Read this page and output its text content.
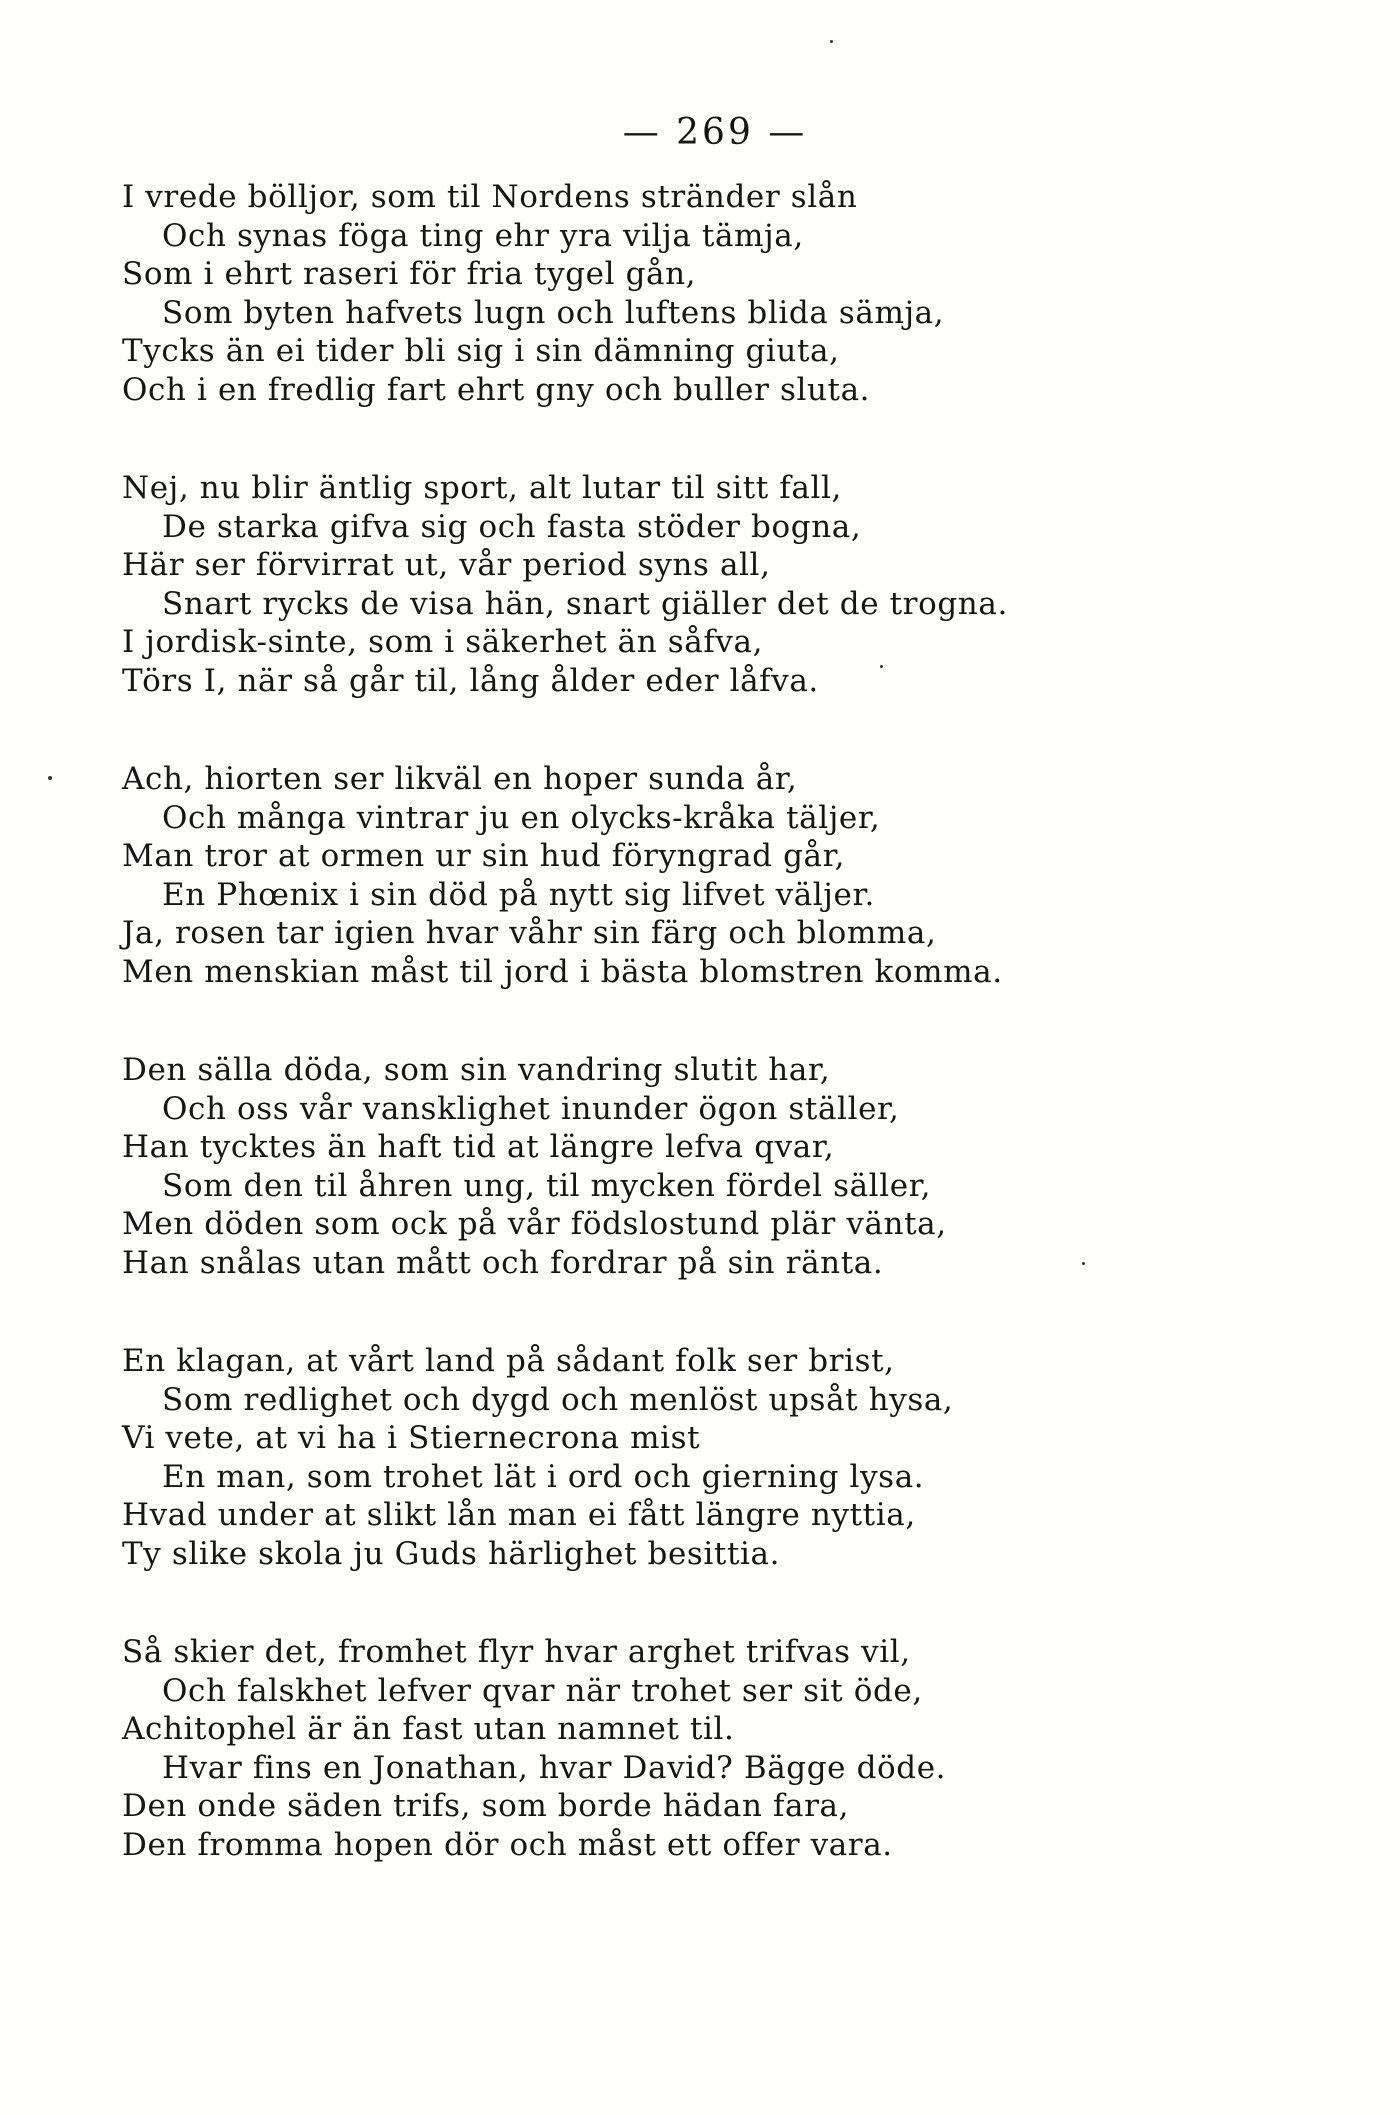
— 269 —
I vrede bölljor, som til Nordens stränder slån
Och synas föga ting ehr yra vilja tämja,
Som i ehrt raseri för fria tygel gån,
Som byten hafvets lugn och luftens blida sämja,
Tycks än ei tider bli sig i sin dämning giuta,
Och i en fredlig fart ehrt gny och buller sluta.
Nej, nu blir äntlig sport, alt lutar til sitt fall,
De starka gifva sig och fasta stöder bogna,
Här ser förvirrat ut, vår period syns all,
Snart rycks de visa hän, snart giäller det de trogna.
I jordisk-sinte, som i säkerhet än såfva,
Törs I, när så går til, lång ålder eder låfva.
Ach, hiorten ser likväl en hoper sunda år,
Och många vintrar ju en olycks-kråka täljer,
Man tror at ormen ur sin hud föryngrad går,
En Phœnix i sin död på nytt sig lifvet väljer.
Ja, rosen tar igien hvar våhr sin färg och blomma,
Men menskian måst til jord i bästa blomstren komma.
Den sälla döda, som sin vandring slutit har,
Och oss vår vansklighet inunder ögon ställer,
Han tycktes än haft tid at längre lefva qvar,
Som den til åhren ung, til mycken fördel säller,
Men döden som ock på vår födslostund plär vänta,
Han snålas utan mått och fordrar på sin ränta.
En klagan, at vårt land på sådant folk ser brist,
Som redlighet och dygd och menlöst upsåt hysa,
Vi vete, at vi ha i Stiernecrona mist
En man, som trohet lät i ord och gierning lysa.
Hvad under at slikt lån man ei fått längre nyttia,
Ty slike skola ju Guds härlighet besittia.
Så skier det, fromhet flyr hvar arghet trifvas vil,
Och falskhet lefver qvar när trohet ser sit öde,
Achitophel är än fast utan namnet til.
Hvar fins en Jonathan, hvar David? Bägge döde.
Den onde säden trifs, som borde hädan fara,
Den fromma hopen dör och måst ett offer vara.
